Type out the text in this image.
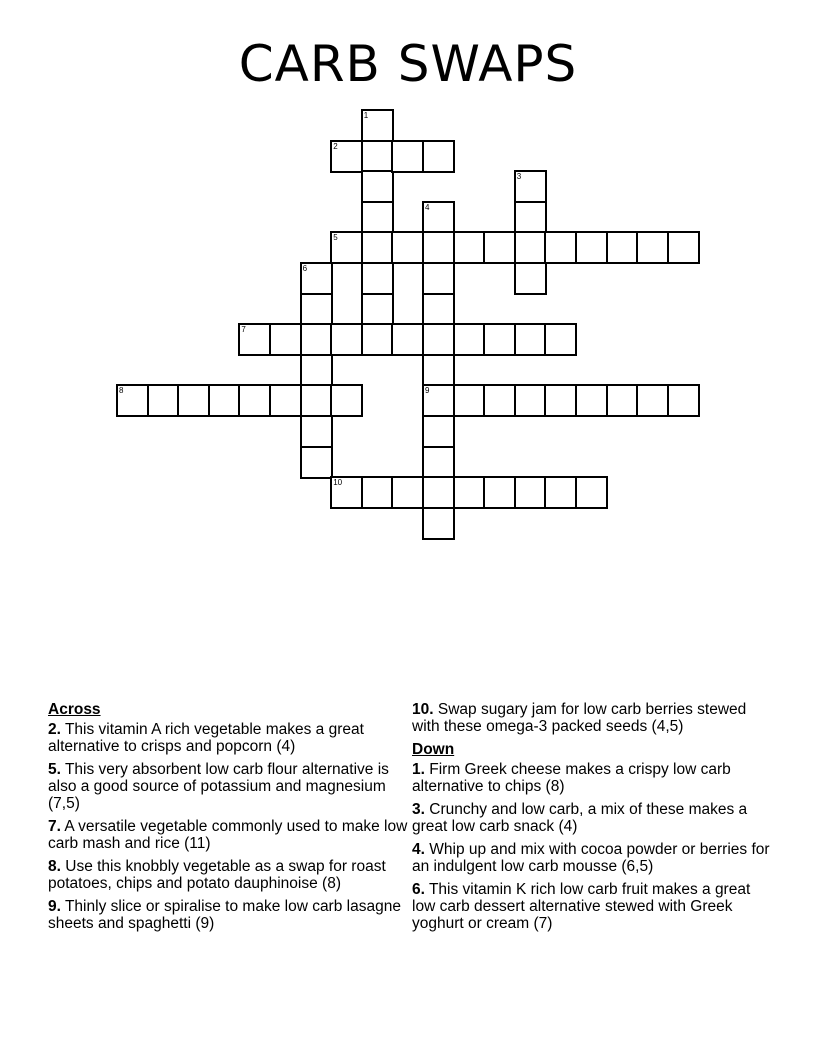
CARB SWAPS
1
2
3
4
9
5
6
7
8
10
Across
2. This vitamin A rich vegetable makes a great alternative to crisps and popcorn (4)
5. This very absorbent low carb flour alternative is also a good source of potassium and magnesium (7,5)
7. A versatile vegetable commonly used to make low carb mash and rice (11)
8. Use this knobbly vegetable as a swap for roast potatoes, chips and potato dauphinoise (8)
9. Thinly slice or spiralise to make low carb lasagne sheets and spaghetti (9)
10. Swap sugary jam for low carb berries stewed with these omega-3 packed seeds (4,5)
Down
1. Firm Greek cheese makes a crispy low carb alternative to chips (8)
3. Crunchy and low carb, a mix of these makes a great low carb snack (4)
4. Whip up and mix with cocoa powder or berries for an indulgent low carb mousse (6,5)
6. This vitamin K rich low carb fruit makes a great low carb dessert alternative stewed with Greek yoghurt or cream (7)
